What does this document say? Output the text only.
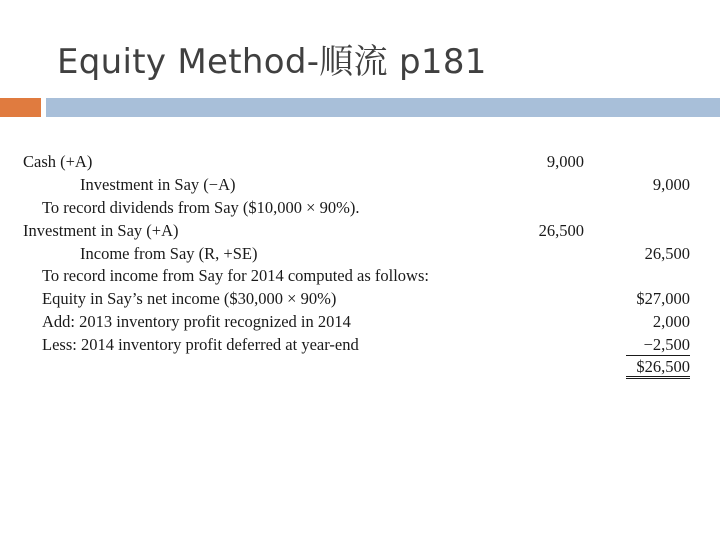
Equity Method-順流 p181
Cash (+A)	9,000
Investment in Say (−A)	9,000
To record dividends from Say ($10,000 × 90%).
Investment in Say (+A)	26,500
Income from Say (R, +SE)	26,500
To record income from Say for 2014 computed as follows:
Equity in Say’s net income ($30,000 × 90%)	$27,000
Add: 2013 inventory profit recognized in 2014	2,000
Less: 2014 inventory profit deferred at year-end	−2,500
$26,500
